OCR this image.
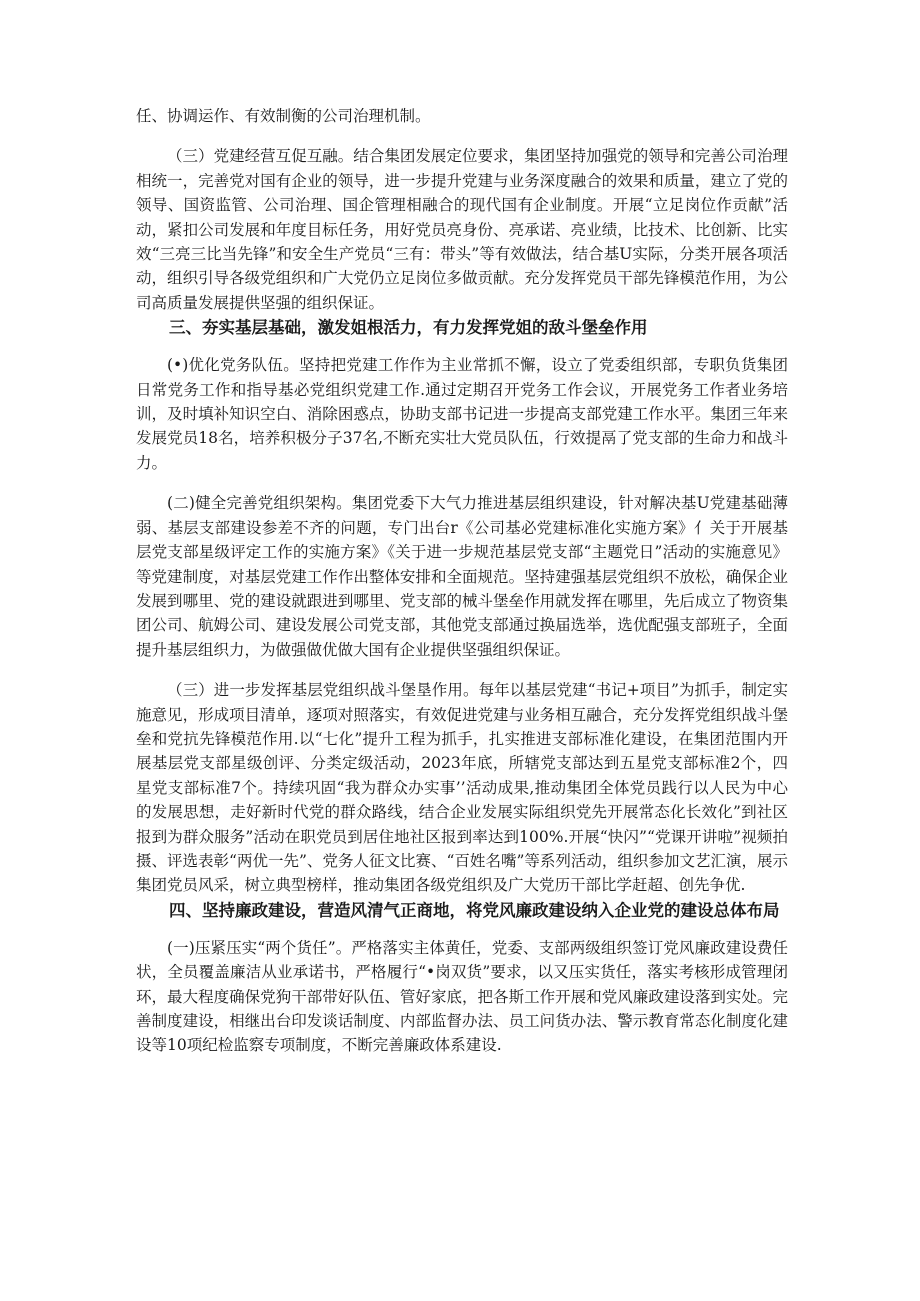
任、协调运作、有效制衡的公司治理机制。

（三）党建经营互促互融。结合集团发展定位要求，集团坚持加强党的领导和完善公司治理相统一，完善党对国有企业的领导，进一步提升党建与业务深度融合的效果和质量，建立了党的领导、国资监管、公司治理、国企管理相融合的现代国有企业制度。开展“立足岗位作贡献”活动，紧扣公司发展和年度目标任务，用好党员亮身份、亮承诺、亮业绩，比技术、比创新、比实效“三亮三比当先锋”和安全生产党员“三有：带头”等有效做法，结合基U实际，分类开展各项活动，组织引导各级党组织和广大党仍立足岗位多做贡献。充分发挥党员干部先锋模范作用，为公司高质量发展提供坚强的组织保证。

三、夯实基层基础，激发姐根活力，有力发挥党姐的敌斗堡垒作用

(•)优化党务队伍。坚持把党建工作作为主业常抓不懈，设立了党委组织部，专职负货集团日常党务工作和指导基必党组织党建工作.通过定期召开党务工作会议，开展党务工作者业务培训，及时填补知识空白、消除困惑点，协助支部书记进一步提高支部党建工作水平。集团三年来发展党员18名，培养积极分子37名,不断充实壮大党员队伍，行效提鬲了党支部的生命力和战斗力。

(二)健全完善党组织架构。集团党委下大气力推进基层组织建设，针对解决基U党建基础薄弱、基层支部建设参差不齐的问题，专门出台r《公司基必党建标准化实施方案》亻关于开展基层党支部星级评定工作的实施方案》《关于进一步规范基层党支部“主题党日”活动的实施意见》等党建制度，对基层党建工作作出整体安排和全面规范。坚持建强基层党组织不放松，确保企业发展到哪里、党的建设就跟进到哪里、党支部的械斗堡垒作用就发挥在哪里，先后成立了物资集团公司、航姆公司、建设发展公司党支部，其他党支部通过换届选举，选优配强支部班子，全面提升基层组织力，为做强做优做大国有企业提供坚强组织保证。

（三）进一步发挥基层党组织战斗堡垦作用。每年以基层党建“书记+项目”为抓手，制定实施意见，形成项目清单，逐项对照落实，有效促进党建与业务相互融合，充分发挥党组织战斗堡垒和党抗先锋模范作用.以“七化”提升工程为抓手，扎实推进支部标准化建设，在集团范围内开展基层党支部星级创评、分类定级活动，2023年底，所辖党支部达到五星党支部标准2个，四星党支部标准7个。持续巩固“我为群众办实事’’活动成果,推动集团全体党员践行以人民为中心的发展思想，走好新时代党的群众路线，结合企业发展实际组织党先开展常态化长效化”到社区报到为群众服务”活动在职党员到居住地社区报到率达到100%.开展“快闪”“党课开讲啦”视频拍摄、评选表彰“两优一先”、党务人征文比赛、“百姓名嘴”等系列活动，组织参加文艺汇演，展示集团党员风采，树立典型榜样，推动集团各级党组织及广大党历干部比学赶超、创先争优.

四、坚持廉政建设，营造风清气正商地，将党风廉政建设纳入企业党的建设总体布局

(一)压紧压实“两个货任”。严格落实主体黄任，党委、支部两级组织签订党风廉政建设费任状，全员覆盖廉洁从业承诺书，严格履行“•岗双货”要求，以又压实货任，落实考核形成管理闭环，最大程度确保党狗干部带好队伍、管好家底，把各斯工作开展和党风廉政建设落到实处。完善制度建设，相继出台印发谈话制度、内部监督办法、员工问货办法、警示教育常态化制度化建设等10项纪检监察专项制度，不断完善廉政体系建设.
